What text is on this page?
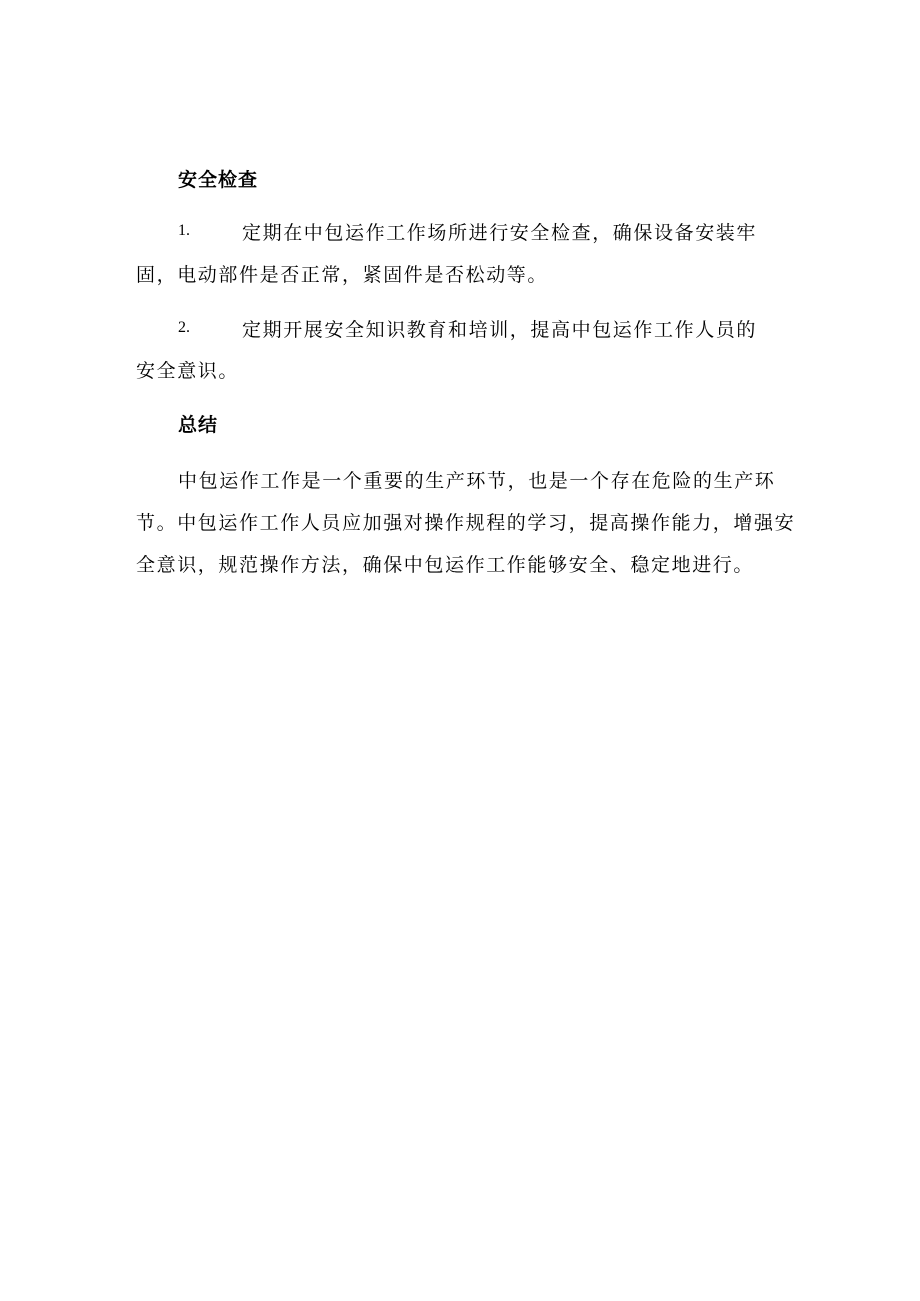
安全检查
1.	定期在中包运作工作场所进行安全检查，确保设备安装牢
固，电动部件是否正常，紧固件是否松动等。
2.	定期开展安全知识教育和培训，提高中包运作工作人员的
安全意识。
总结
中包运作工作是一个重要的生产环节，也是一个存在危险的生产环
节。中包运作工作人员应加强对操作规程的学习，提高操作能力，增强安
全意识，规范操作方法，确保中包运作工作能够安全、稳定地进行。
